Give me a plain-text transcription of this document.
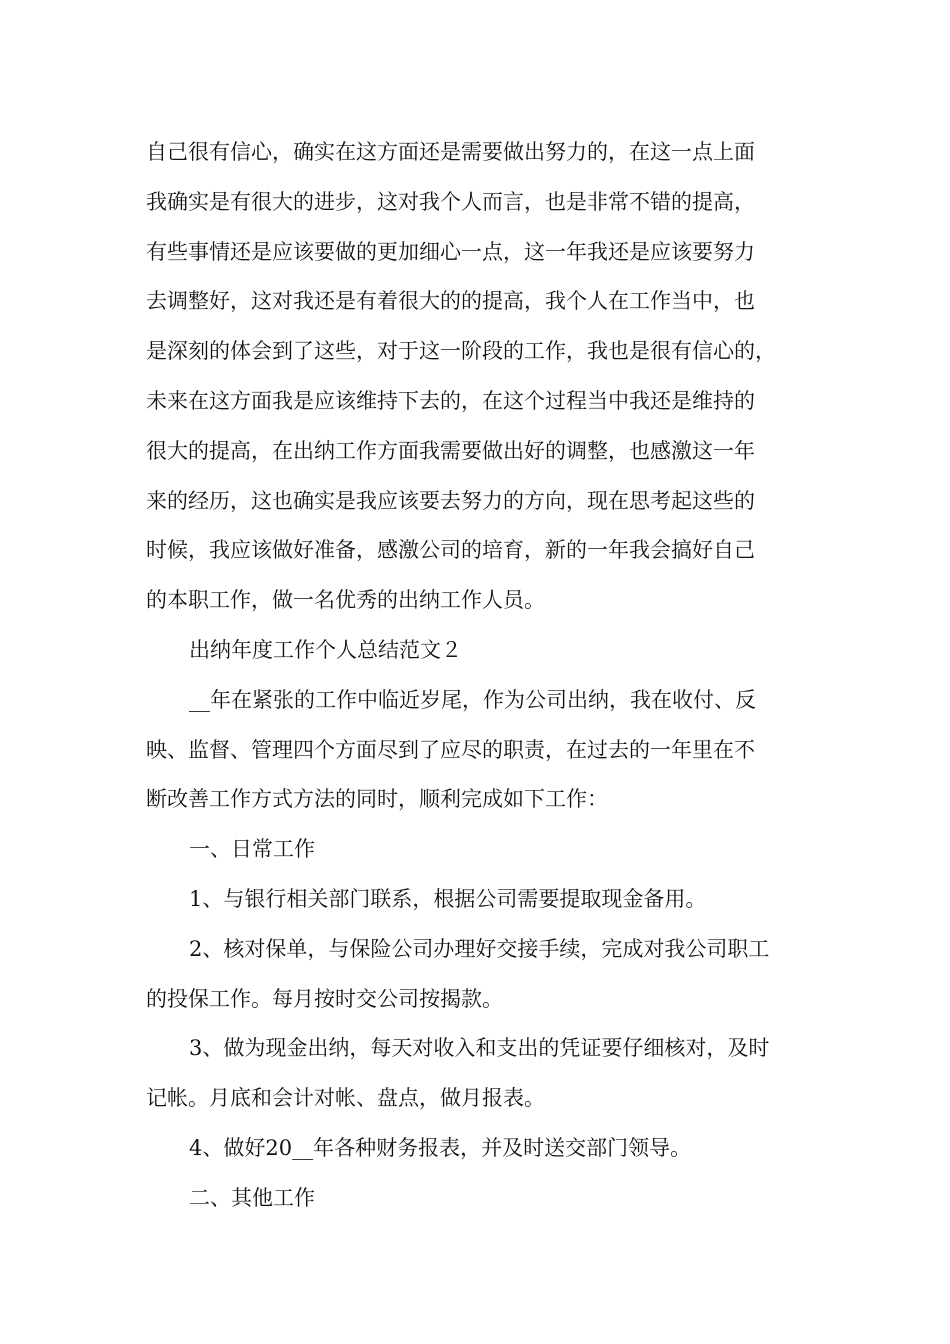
自己很有信心，确实在这方面还是需要做出努力的，在这一点上面
我确实是有很大的进步，这对我个人而言，也是非常不错的提高，
有些事情还是应该要做的更加细心一点，这一年我还是应该要努力
去调整好，这对我还是有着很大的的提高，我个人在工作当中，也
是深刻的体会到了这些，对于这一阶段的工作，我也是很有信心的，
未来在这方面我是应该维持下去的，在这个过程当中我还是维持的
很大的提高，在出纳工作方面我需要做出好的调整，也感激这一年
来的经历，这也确实是我应该要去努力的方向，现在思考起这些的
时候，我应该做好准备，感激公司的培育，新的一年我会搞好自己
的本职工作，做一名优秀的出纳工作人员。
出纳年度工作个人总结范文２
__年在紧张的工作中临近岁尾，作为公司出纳，我在收付、反
映、监督、管理四个方面尽到了应尽的职责，在过去的一年里在不
断改善工作方式方法的同时，顺利完成如下工作：
一、日常工作
1、与银行相关部门联系，根据公司需要提取现金备用。
2、核对保单，与保险公司办理好交接手续，完成对我公司职工
的投保工作。每月按时交公司按揭款。
3、做为现金出纳，每天对收入和支出的凭证要仔细核对，及时
记帐。月底和会计对帐、盘点，做月报表。
4、做好20__年各种财务报表，并及时送交部门领导。
二、其他工作
